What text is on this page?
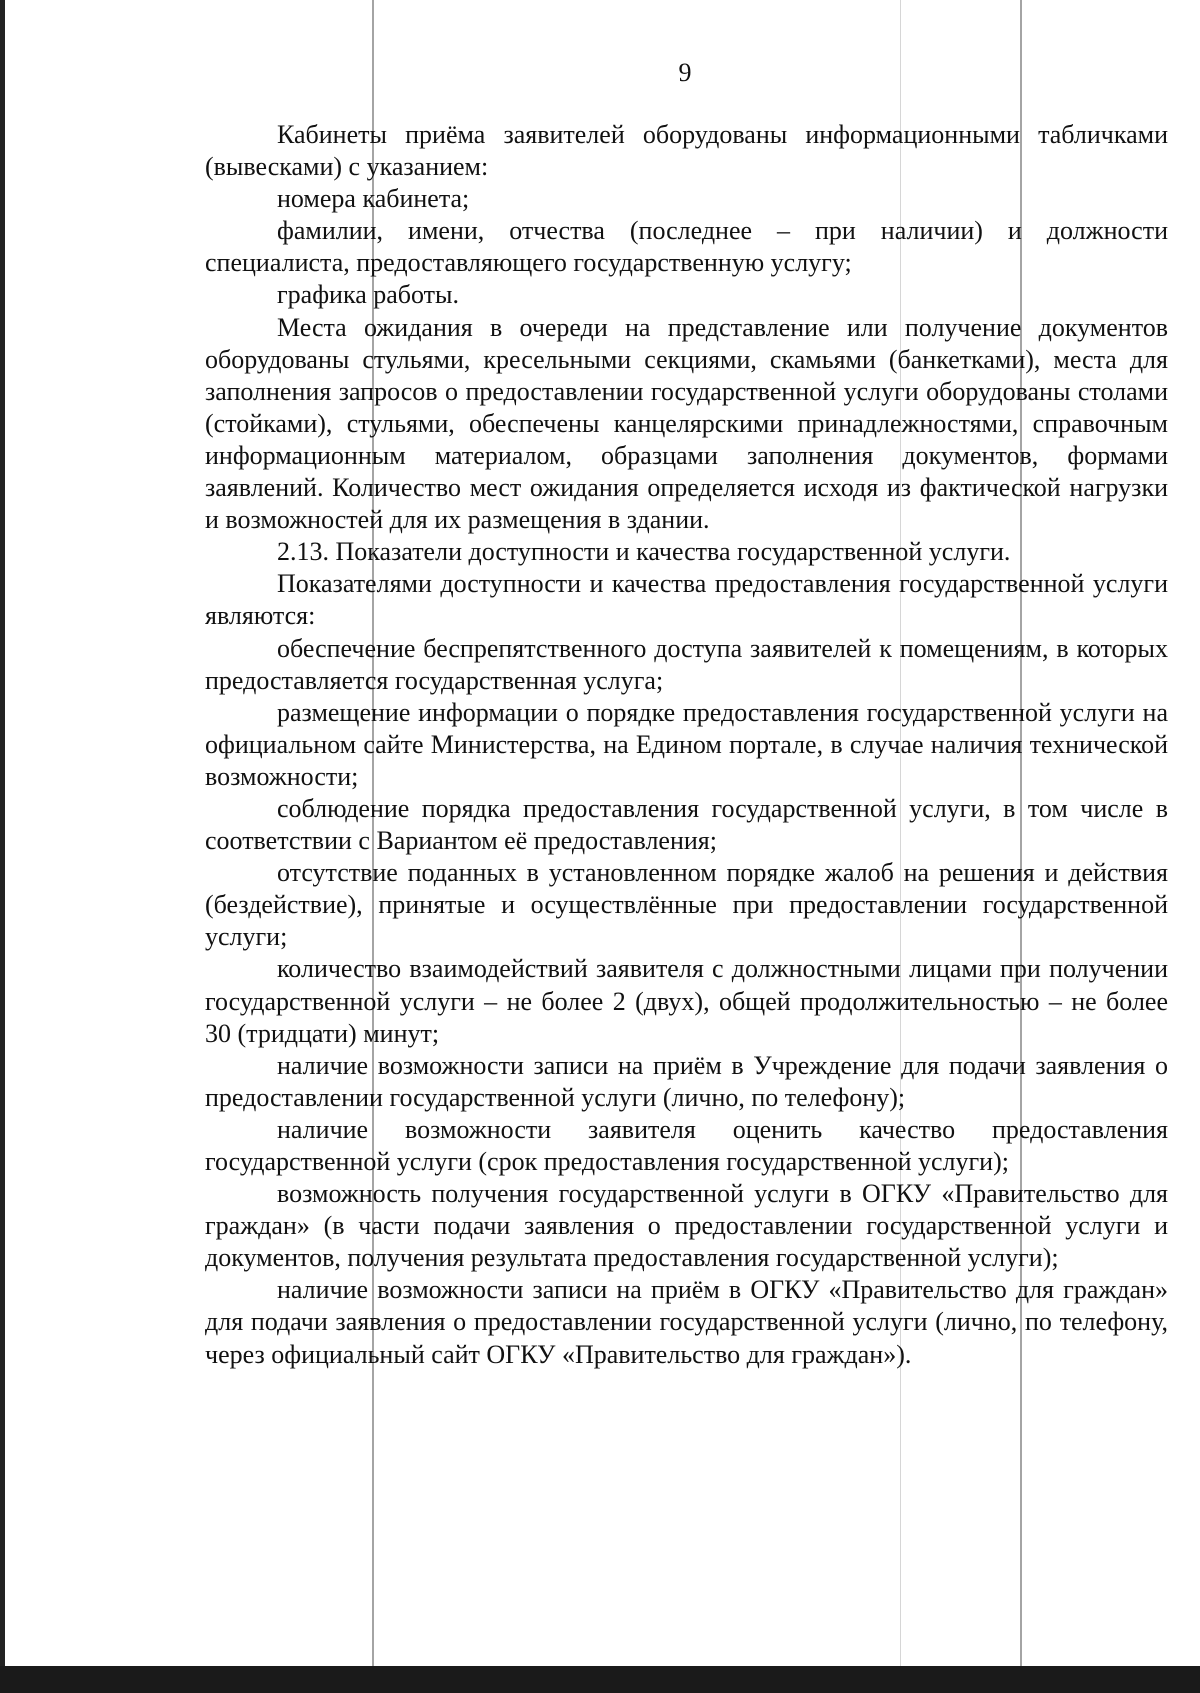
9

Кабинеты приёма заявителей оборудованы информационными табличками (вывесками) с указанием:

номера кабинета;

фамилии, имени, отчества (последнее – при наличии) и должности специалиста, предоставляющего государственную услугу;

графика работы.

Места ожидания в очереди на представление или получение документов оборудованы стульями, кресельными секциями, скамьями (банкетками), места для заполнения запросов о предоставлении государственной услуги оборудованы столами (стойками), стульями, обеспечены канцелярскими принадлежностями, справочным информационным материалом, образцами заполнения документов, формами заявлений. Количество мест ожидания определяется исходя из фактической нагрузки и возможностей для их размещения в здании.

2.13. Показатели доступности и качества государственной услуги.

Показателями доступности и качества предоставления государственной услуги являются:

обеспечение беспрепятственного доступа заявителей к помещениям, в которых предоставляется государственная услуга;

размещение информации о порядке предоставления государственной услуги на официальном сайте Министерства, на Едином портале, в случае наличия технической возможности;

соблюдение порядка предоставления государственной услуги, в том числе в соответствии с Вариантом её предоставления;

отсутствие поданных в установленном порядке жалоб на решения и действия (бездействие), принятые и осуществлённые при предоставлении государственной услуги;

количество взаимодействий заявителя с должностными лицами при получении государственной услуги – не более 2 (двух), общей продолжительностью – не более 30 (тридцати) минут;

наличие возможности записи на приём в Учреждение для подачи заявления о предоставлении государственной услуги (лично, по телефону);

наличие возможности заявителя оценить качество предоставления государственной услуги (срок предоставления государственной услуги);

возможность получения государственной услуги в ОГКУ «Правительство для граждан» (в части подачи заявления о предоставлении государственной услуги и документов, получения результата предоставления государственной услуги);

наличие возможности записи на приём в ОГКУ «Правительство для граждан» для подачи заявления о предоставлении государственной услуги (лично, по телефону, через официальный сайт ОГКУ «Правительство для граждан»).
